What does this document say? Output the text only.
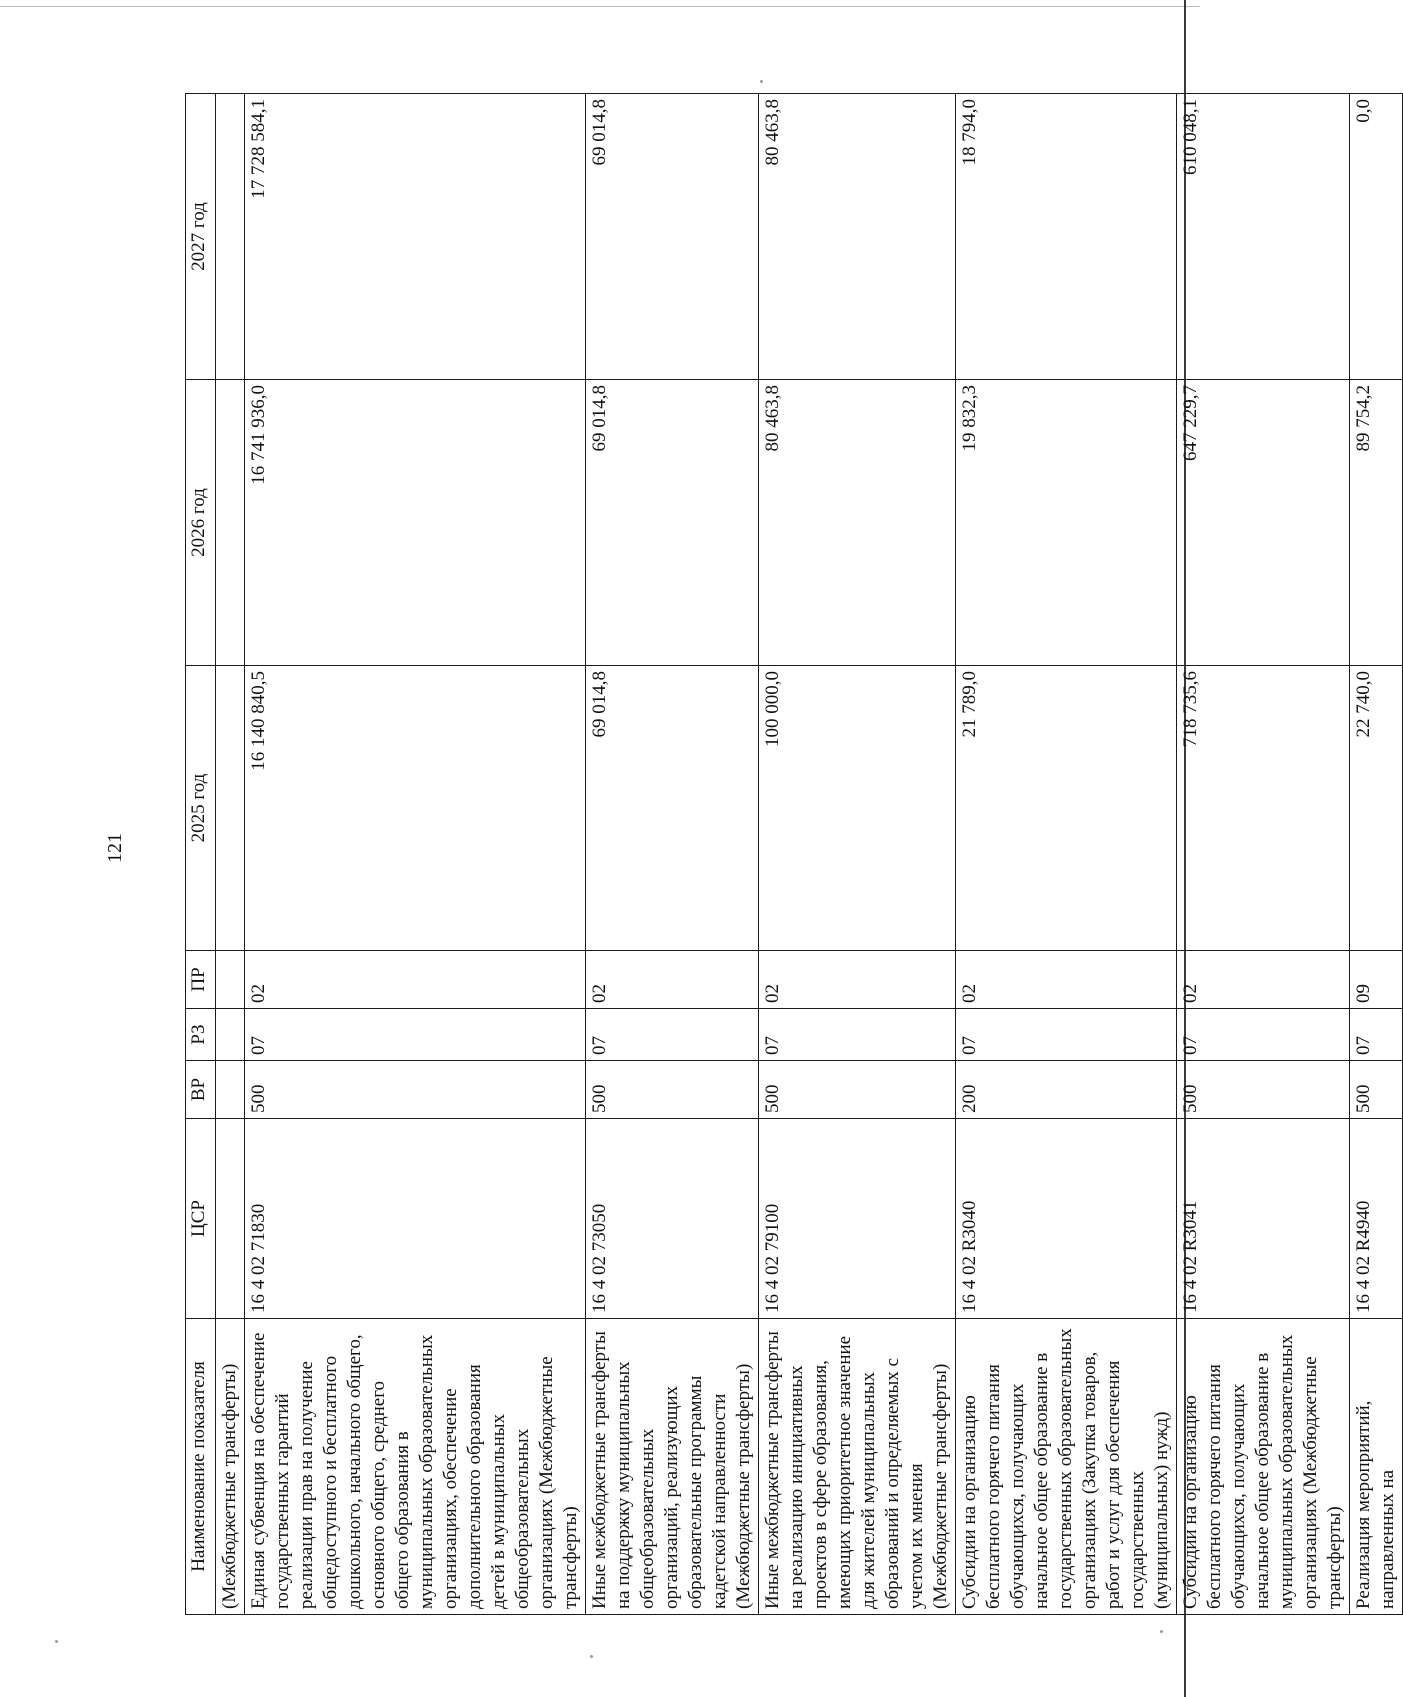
121
Наименование показателя	ЦСР	ВР	РЗ	ПР	2025 год	2026 год	2027 год
(Межбюджетные трансферты)							
Единая субвенция на обеспечение государственных гарантий реализации прав на получение общедоступного и бесплатного дошкольного, начального общего, основного общего, среднего общего образования в муниципальных образовательных организациях, обеспечение дополнительного образования детей в муниципальных общеобразовательных организациях (Межбюджетные трансферты)	16 4 02 71830	500	07	02	16 140 840,5	16 741 936,0	17 728 584,1
Иные межбюджетные трансферты на поддержку муниципальных общеобразовательных организаций, реализующих образовательные программы кадетской направленности (Межбюджетные трансферты)	16 4 02 73050	500	07	02	69 014,8	69 014,8	69 014,8
Иные межбюджетные трансферты на реализацию инициативных проектов в сфере образования, имеющих приоритетное значение для жителей муниципальных образований и определяемых с учетом их мнения (Межбюджетные трансферты)	16 4 02 79100	500	07	02	100 000,0	80 463,8	80 463,8
Субсидии на организацию бесплатного горячего питания обучающихся, получающих начальное общее образование в государственных образовательных организациях (Закупка товаров, работ и услуг для обеспечения государственных (муниципальных) нужд)	16 4 02 R3040	200	07	02	21 789,0	19 832,3	18 794,0
Субсидии на организацию бесплатного горячего питания обучающихся, получающих начальное общее образование в муниципальных образовательных организациях (Межбюджетные трансферты)	16 4 02 R3041	500	07	02	718 735,6	647 229,7	610 048,1
Реализация мероприятий, направленных на	16 4 02 R4940	500	07	09	22 740,0	89 754,2	0,0
